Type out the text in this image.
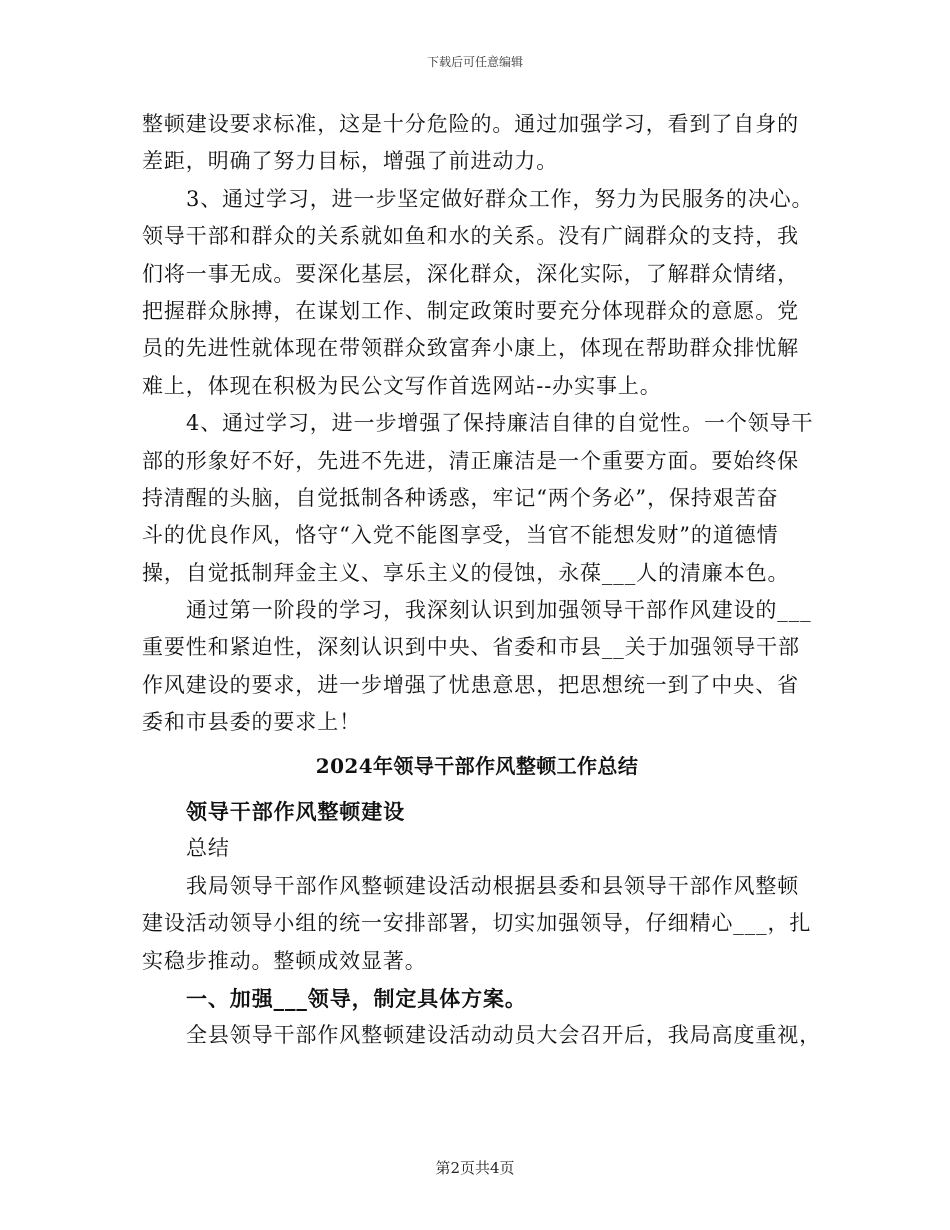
下载后可任意编辑
整顿建设要求标准，这是十分危险的。通过加强学习，看到了自身的
差距，明确了努力目标，增强了前进动力。
3、通过学习，进一步坚定做好群众工作，努力为民服务的决心。
领导干部和群众的关系就如鱼和水的关系。没有广阔群众的支持，我
们将一事无成。要深化基层，深化群众，深化实际，了解群众情绪，
把握群众脉搏，在谋划工作、制定政策时要充分体现群众的意愿。党
员的先进性就体现在带领群众致富奔小康上，体现在帮助群众排忧解
难上，体现在积极为民公文写作首选网站--办实事上。
4、通过学习，进一步增强了保持廉洁自律的自觉性。一个领导干
部的形象好不好，先进不先进，清正廉洁是一个重要方面。要始终保
持清醒的头脑，自觉抵制各种诱惑，牢记“两个务必”，保持艰苦奋
斗的优良作风，恪守“入党不能图享受，当官不能想发财”的道德情
操，自觉抵制拜金主义、享乐主义的侵蚀，永葆___人的清廉本色。
通过第一阶段的学习，我深刻认识到加强领导干部作风建设的___
重要性和紧迫性，深刻认识到中央、省委和市县__关于加强领导干部
作风建设的要求，进一步增强了忧患意思，把思想统一到了中央、省
委和市县委的要求上！
2024年领导干部作风整顿工作总结
领导干部作风整顿建设
总结
我局领导干部作风整顿建设活动根据县委和县领导干部作风整顿
建设活动领导小组的统一安排部署，切实加强领导，仔细精心___，扎
实稳步推动。整顿成效显著。
一、加强___领导，制定具体方案。
全县领导干部作风整顿建设活动动员大会召开后，我局高度重视，
第2页共4页
